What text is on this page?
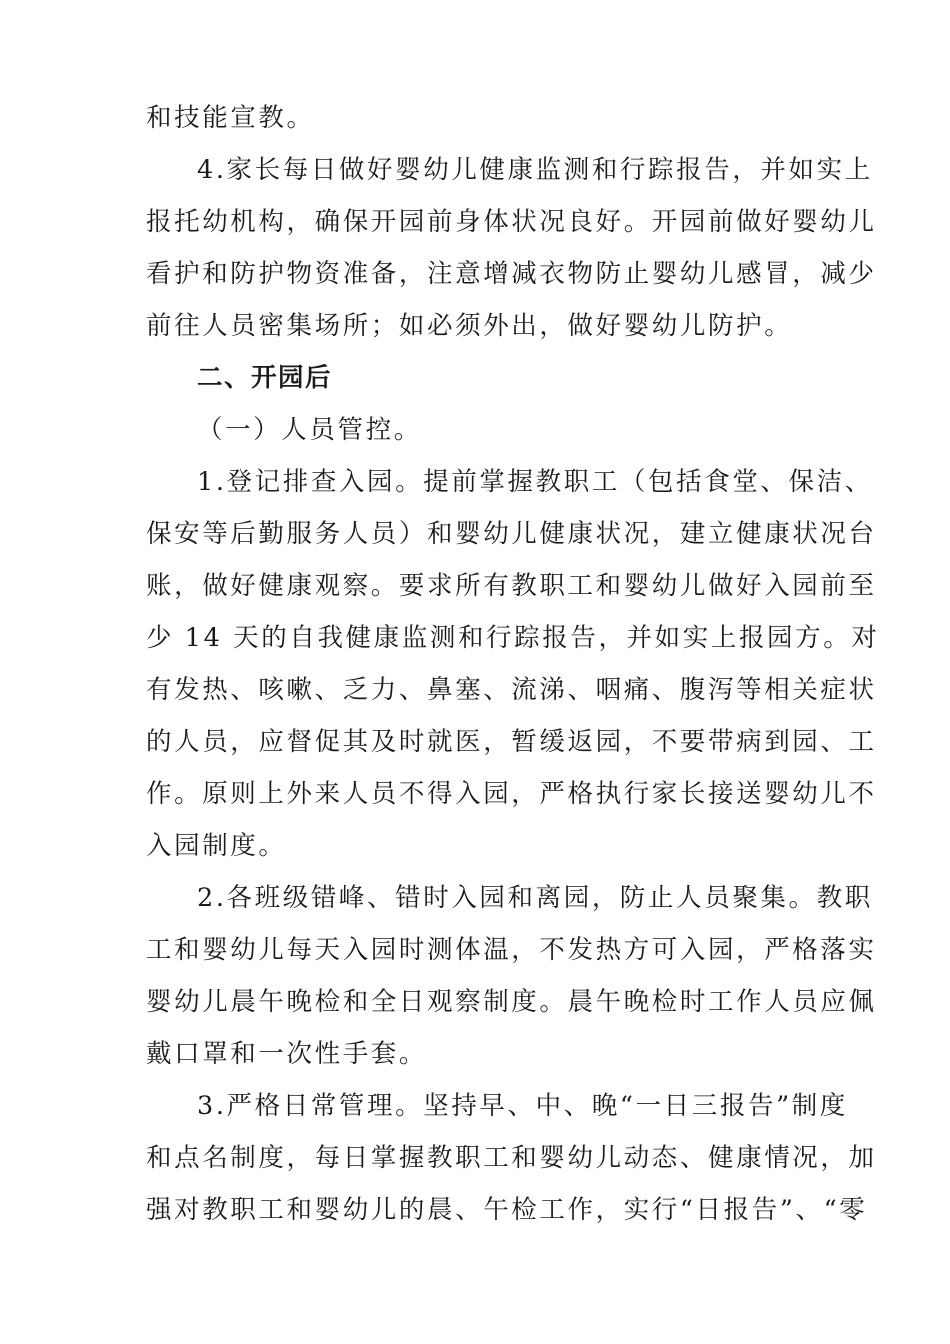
和技能宣教。
4.家长每日做好婴幼儿健康监测和行踪报告，并如实上
报托幼机构，确保开园前身体状况良好。开园前做好婴幼儿
看护和防护物资准备，注意增减衣物防止婴幼儿感冒，减少
前往人员密集场所；如必须外出，做好婴幼儿防护。
二、开园后
（一）人员管控。
1.登记排查入园。提前掌握教职工（包括食堂、保洁、
保安等后勤服务人员）和婴幼儿健康状况，建立健康状况台
账，做好健康观察。要求所有教职工和婴幼儿做好入园前至
少 14 天的自我健康监测和行踪报告，并如实上报园方。对
有发热、咳嗽、乏力、鼻塞、流涕、咽痛、腹泻等相关症状
的人员，应督促其及时就医，暂缓返园，不要带病到园、工
作。原则上外来人员不得入园，严格执行家长接送婴幼儿不
入园制度。
2.各班级错峰、错时入园和离园，防止人员聚集。教职
工和婴幼儿每天入园时测体温，不发热方可入园，严格落实
婴幼儿晨午晚检和全日观察制度。晨午晚检时工作人员应佩
戴口罩和一次性手套。
3.严格日常管理。坚持早、中、晚“一日三报告”制度
和点名制度，每日掌握教职工和婴幼儿动态、健康情况，加
强对教职工和婴幼儿的晨、午检工作，实行“日报告”、“零
